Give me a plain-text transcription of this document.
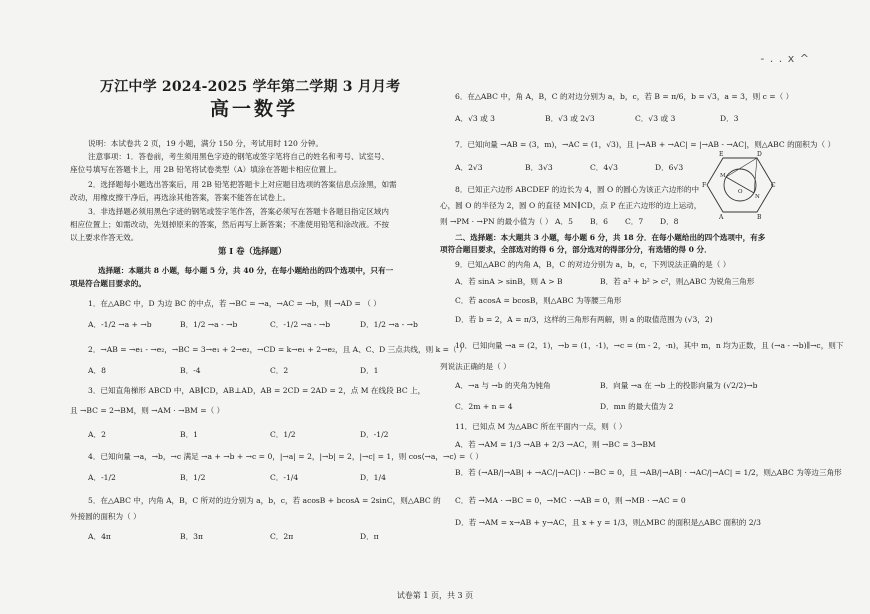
- . . x ^
万江中学 2024-2025 学年第二学期 3 月月考
高一数学
说明：本试卷共 2 页，19 小题，满分 150 分，考试用时 120 分钟。
注意事项：1．答卷前，考生须用黑色字迹的钢笔或签字笔将自己的姓名和考号、试室号、
座位号填写在答题卡上，用 2B 铅笔将试卷类型（A）填涂在答题卡相应位置上。
2．选择题每小题选出答案后，用 2B 铅笔把答题卡上对应题目选项的答案信息点涂黑，如需
改动，用橡皮擦干净后，再选涂其他答案，答案不能答在试卷上。
3．非选择题必须用黑色字迹的钢笔或签字笔作答，答案必须写在答题卡各题目指定区域内
相应位置上；如需改动，先划掉原来的答案，然后再写上新答案；不准使用铅笔和涂改液。不按
以上要求作答无效。
第 I 卷（选择题）
选择题：本题共 8 小题，每小题 5 分，共 40 分，在每小题给出的四个选项中，只有一
项是符合题目要求的。
1．在△ABC 中，D 为边 BC 的中点，若 →BC = →a，→AC = →b，则 →AD = （ ）
A．-1/2 →a + →b	B．1/2 →a - →b	C．-1/2 →a - →b	D．1/2 →a - →b
2．→AB = →e₁ - →e₂，→BC = 3→e₁ + 2→e₂，→CD = k→e₁ + 2→e₂，且 A、C、D 三点共线，则 k =（ ）
A．8	B．-4	C．2	D．1
3．已知直角梯形 ABCD 中，AB∥CD，AB⊥AD，AB = 2CD = 2AD = 2，点 M 在线段 BC 上，
且 →BC = 2→BM，则 →AM · →BM =（ ）
A．2	B．1	C．1/2	D．-1/2
4．已知向量 →a，→b，→c 满足 →a + →b + →c = 0，|→a| = 2，|→b| = 2，|→c| = 1，则 cos⟨→a，→c⟩ =（ ）
A．-1/2	B．1/2	C．-1/4	D．1/4
5．在△ABC 中，内角 A，B，C 所对的边分别为 a，b，c，若 acosB + bcosA = 2sinC，则△ABC 的
外接圆的面积为（ ）
A．4π	B．3π	C．2π	D．π
6．在△ABC 中，角 A，B，C 的对边分别为 a，b，c，若 B = π/6，b = √3，a = 3，则 c =（ ）
A．√3 或 3	B．√3 或 2√3	C．√3 或 3	D．3
7．已知向量 →AB = (3，m)，→AC = (1，√3)，且 |→AB + →AC| = |→AB - →AC|，则△ABC 的面积为（ ）
A．2√3	B．3√3	C．4√3	D．6√3
8．已知正六边形 ABCDEF 的边长为 4，圆 O 的圆心为该正六边形的中
心，圆 O 的半径为 2，圆 O 的直径 MN∥CD，点 P 在正六边形的边上运动，
则 →PM · →PN 的最小值为（ ） A．5 B．6 C．7 D．8
二、选择题：本大题共 3 小题，每小题 6 分，共 18 分．在每小题给出的四个选项中，有多
项符合题目要求，全部选对的得 6 分，部分选对的得部分分，有选错的得 0 分．
9．已知△ABC 的内角 A，B，C 的对边分别为 a，b，c，下列说法正确的是（ ）
A．若 sinA > sinB，则 A > B	B．若 a² + b² > c²，则△ABC 为锐角三角形
C．若 acosA = bcosB，则△ABC 为等腰三角形
D．若 b = 2，A = π/3，这样的三角形有两解，则 a 的取值范围为 (√3，2)
10．已知向量 →a = (2，1)，→b = (1，-1)，→c = (m - 2，-n)，其中 m，n 均为正数，且 (→a - →b)∥→c，则下
列说法正确的是（ ）
A．→a 与 →b 的夹角为钝角	B．向量 →a 在 →b 上的投影向量为 (√2/2)→b
C．2m + n = 4	D．mn 的最大值为 2
11．已知点 M 为△ABC 所在平面内一点，则（ ）
A．若 →AM = 1/3 →AB + 2/3 →AC，则 →BC = 3→BM
B．若 (→AB/|→AB| + →AC/|→AC|) · →BC = 0，且 →AB/|→AB| · →AC/|→AC| = 1/2，则△ABC 为等边三角形
C．若 →MA · →BC = 0，→MC · →AB = 0，则 →MB · →AC = 0
D．若 →AM = x→AB + y→AC，且 x + y = 1/3，则△MBC 的面积是△ABC 面积的 2/3
E	D
F	C
A	B
M
N
O
试卷第 1 页，共 3 页
